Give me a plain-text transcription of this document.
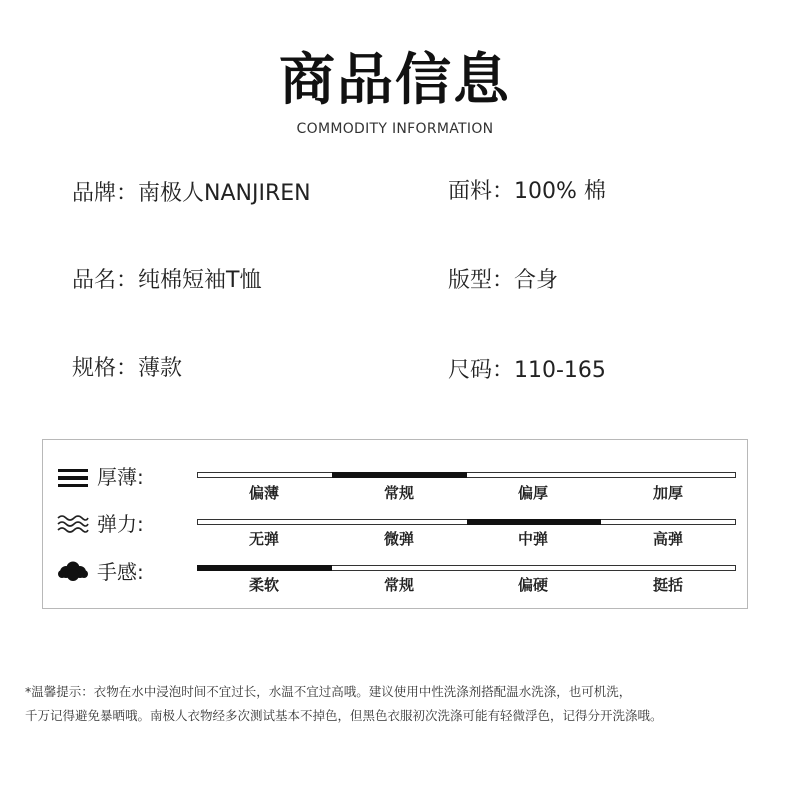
商品信息
COMMODITY INFORMATION
品牌：南极人NANJIREN	面料：100% 棉
品名：纯棉短袖T恤	版型：合身
规格：薄款	尺码：110-165
厚薄:
偏薄	常规	偏厚	加厚
弹力:
无弹	微弹	中弹	高弹
手感:
柔软	常规	偏硬	挺括
*温馨提示：衣物在水中浸泡时间不宜过长，水温不宜过高哦。建议使用中性洗涤剂搭配温水洗涤，也可机洗，
千万记得避免暴晒哦。南极人衣物经多次测试基本不掉色，但黑色衣服初次洗涤可能有轻微浮色，记得分开洗涤哦。
